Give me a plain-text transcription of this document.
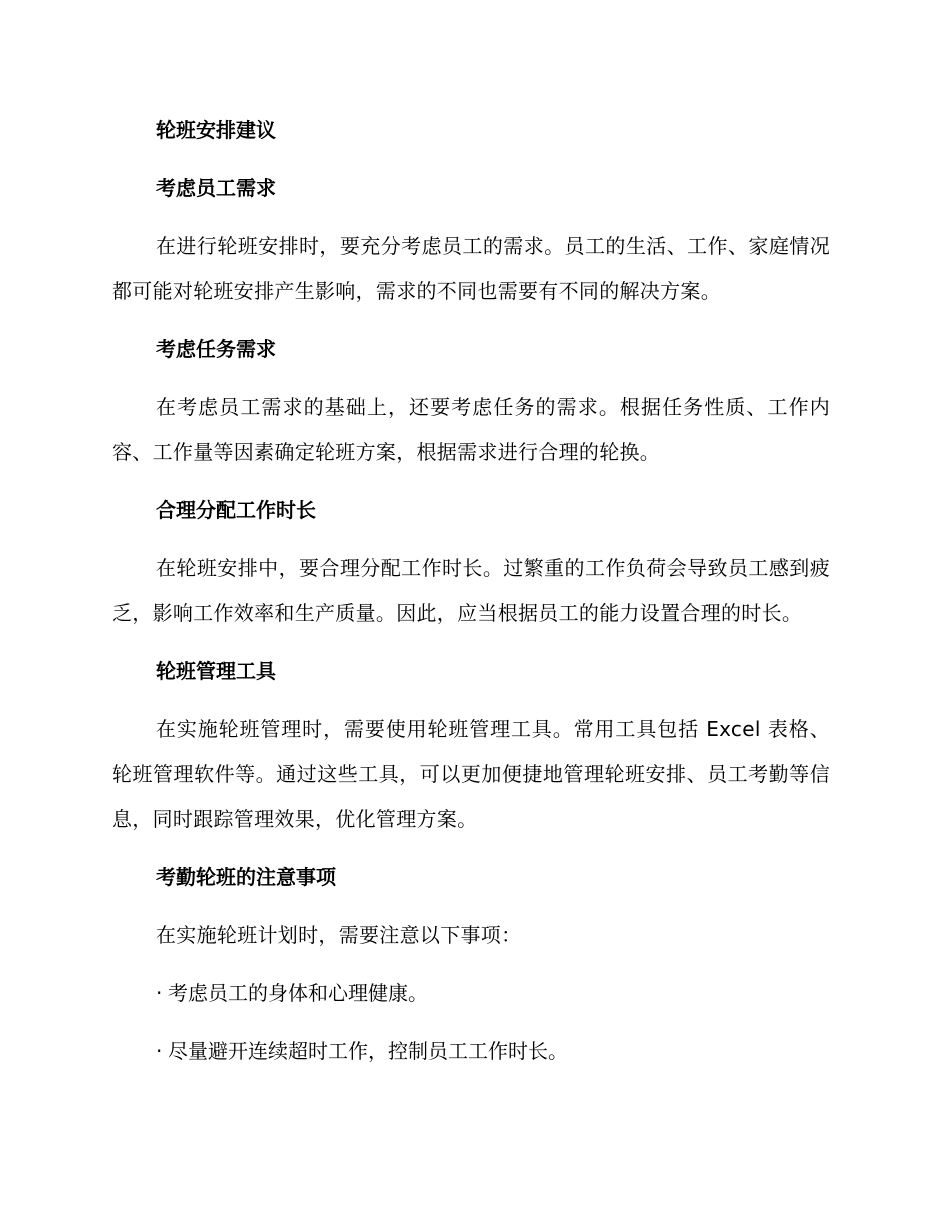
轮班安排建议
考虑员工需求

在进行轮班安排时，要充分考虑员工的需求。员工的生活、工作、家庭情况都可能对轮班安排产生影响，需求的不同也需要有不同的解决方案。

考虑任务需求

在考虑员工需求的基础上，还要考虑任务的需求。根据任务性质、工作内容、工作量等因素确定轮班方案，根据需求进行合理的轮换。

合理分配工作时长

在轮班安排中，要合理分配工作时长。过繁重的工作负荷会导致员工感到疲乏，影响工作效率和生产质量。因此，应当根据员工的能力设置合理的时长。

轮班管理工具

在实施轮班管理时，需要使用轮班管理工具。常用工具包括 Excel 表格、轮班管理软件等。通过这些工具，可以更加便捷地管理轮班安排、员工考勤等信息，同时跟踪管理效果，优化管理方案。

考勤轮班的注意事项

在实施轮班计划时，需要注意以下事项：

· 考虑员工的身体和心理健康。
· 尽量避开连续超时工作，控制员工工作时长。
